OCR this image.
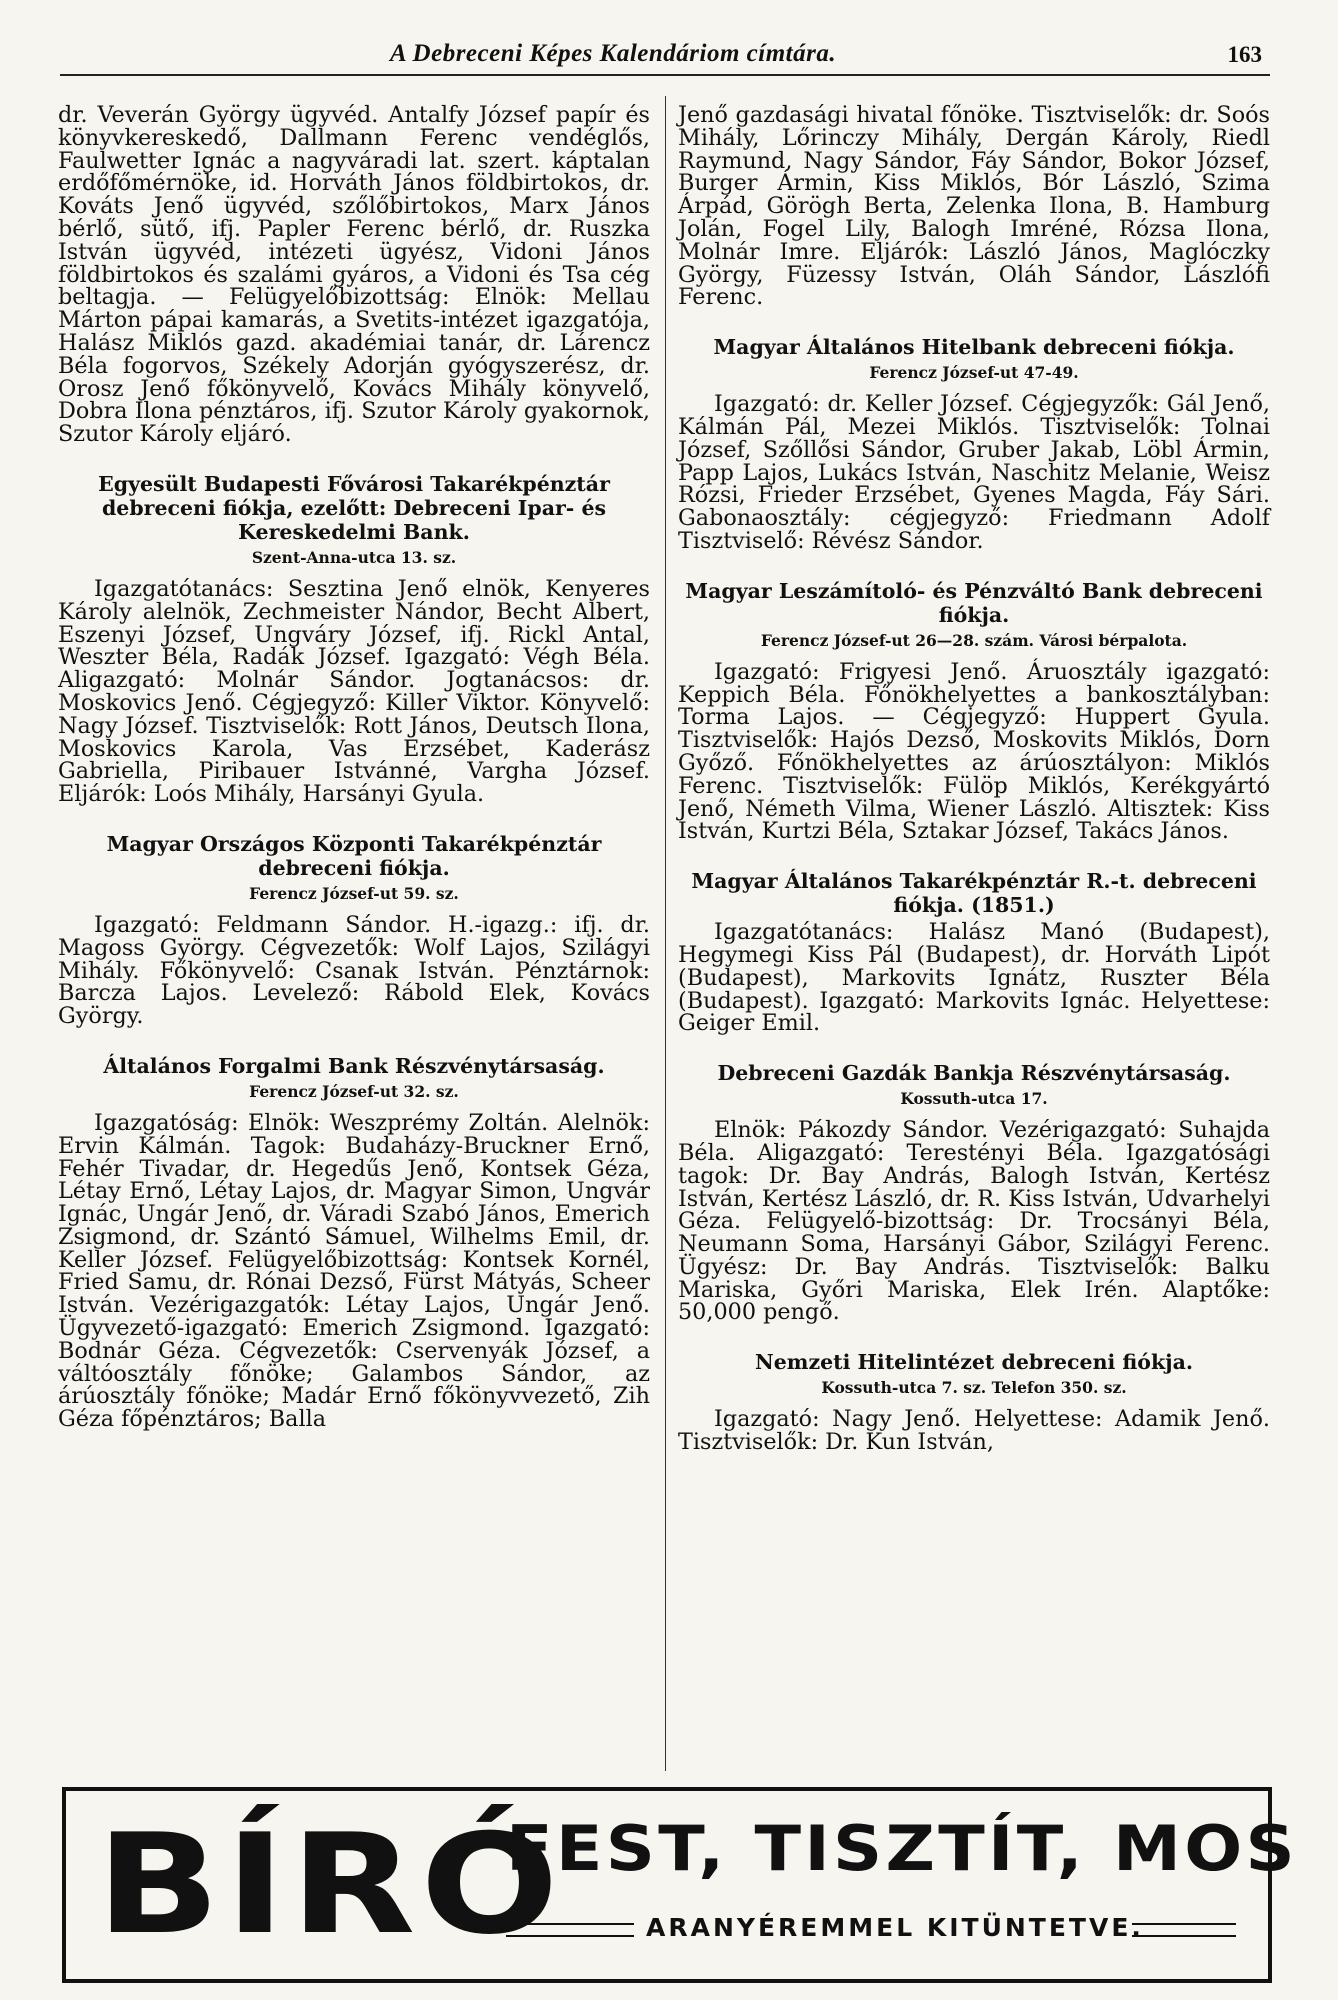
A Debreceni Képes Kalendáriom címtára.	163

dr. Veverán György ügyvéd. Antalfy József papír és könyvkereskedő, Dallmann Ferenc vendéglős, Faulwetter Ignác a nagyváradi lat. szert. káptalan erdőfőmérnöke, id. Horváth János földbirtokos, dr. Kováts Jenő ügyvéd, szőlőbirtokos, Marx János bérlő, sütő, ifj. Papler Ferenc bérlő, dr. Ruszka István ügyvéd, intézeti ügyész, Vidoni János földbirtokos és szalámi gyáros, a Vidoni és Tsa cég beltagja. — Felügyelőbizottság: Elnök: Mellau Márton pápai kamarás, a Svetits-intézet igazgatója, Halász Miklós gazd. akadémiai tanár, dr. Lárencz Béla fogorvos, Székely Adorján gyógyszerész, dr. Orosz Jenő főkönyvelő, Kovács Mihály könyvelő, Dobra Ilona pénztáros, ifj. Szutor Károly gyakornok, Szutor Károly eljáró.

Egyesült Budapesti Fővárosi Takarékpénztár debreceni fiókja, ezelőtt: Debreceni Ipar- és Kereskedelmi Bank.
Szent-Anna-utca 13. sz.

Igazgatótanács: Sesztina Jenő elnök, Kenyeres Károly alelnök, Zechmeister Nándor, Becht Albert, Eszenyi József, Ungváry József, ifj. Rickl Antal, Weszter Béla, Radák József. Igazgató: Végh Béla. Aligazgató: Molnár Sándor. Jogtanácsos: dr. Moskovics Jenő. Cégjegyző: Killer Viktor. Könyvelő: Nagy József. Tisztviselők: Rott János, Deutsch Ilona, Moskovics Karola, Vas Erzsébet, Kaderász Gabriella, Piribauer Istvánné, Vargha József. Eljárók: Loós Mihály, Harsányi Gyula.

Magyar Országos Központi Takarékpénztár debreceni fiókja.
Ferencz József-ut 59. sz.

Igazgató: Feldmann Sándor. H.-igazg.: ifj. dr. Magoss György. Cégvezetők: Wolf Lajos, Szilágyi Mihály. Főkönyvelő: Csanak István. Pénztárnok: Barcza Lajos. Levelező: Rábold Elek, Kovács György.

Általános Forgalmi Bank Részvénytársaság.
Ferencz József-ut 32. sz.

Igazgatóság: Elnök: Weszprémy Zoltán. Alelnök: Ervin Kálmán. Tagok: Budaházy-Bruckner Ernő, Fehér Tivadar, dr. Hegedűs Jenő, Kontsek Géza, Létay Ernő, Létay Lajos, dr. Magyar Simon, Ungvár Ignác, Ungár Jenő, dr. Váradi Szabó János, Emerich Zsigmond, dr. Szántó Sámuel, Wilhelms Emil, dr. Keller József. Felügyelőbizottság: Kontsek Kornél, Fried Samu, dr. Rónai Dezső, Fürst Mátyás, Scheer István. Vezérigazgatók: Létay Lajos, Ungár Jenő. Ügyvezető-igazgató: Emerich Zsigmond. Igazgató: Bodnár Géza. Cégvezetők: Cservenyák József, a váltóosztály főnöke; Galambos Sándor, az árúosztály főnöke; Madár Ernő főkönyvvezető, Zih Géza főpénztáros; Balla

Jenő gazdasági hivatal főnöke. Tisztviselők: dr. Soós Mihály, Lőrinczy Mihály, Dergán Károly, Riedl Raymund, Nagy Sándor, Fáy Sándor, Bokor József, Burger Ármin, Kiss Miklós, Bór László, Szima Árpád, Görögh Berta, Zelenka Ilona, B. Hamburg Jolán, Fogel Lily, Balogh Imréné, Rózsa Ilona, Molnár Imre. Eljárók: László János, Maglóczky György, Füzessy István, Oláh Sándor, Lászlófi Ferenc.

Magyar Általános Hitelbank debreceni fiókja.
Ferencz József-ut 47-49.

Igazgató: dr. Keller József. Cégjegyzők: Gál Jenő, Kálmán Pál, Mezei Miklós. Tisztviselők: Tolnai József, Szőllősi Sándor, Gruber Jakab, Löbl Ármin, Papp Lajos, Lukács István, Naschitz Melanie, Weisz Rózsi, Frieder Erzsébet, Gyenes Magda, Fáy Sári. Gabonaosztály: cégjegyző: Friedmann Adolf Tisztviselő: Révész Sándor.

Magyar Leszámítoló- és Pénzváltó Bank debreceni fiókja.
Ferencz József-ut 26—28. szám. Városi bérpalota.

Igazgató: Frigyesi Jenő. Áruosztály igazgató: Keppich Béla. Főnökhelyettes a bankosztályban: Torma Lajos. — Cégjegyző: Huppert Gyula. Tisztviselők: Hajós Dezső, Moskovits Miklós, Dorn Győző. Főnökhelyettes az árúosztályon: Miklós Ferenc. Tisztviselők: Fülöp Miklós, Kerékgyártó Jenő, Németh Vilma, Wiener László. Altisztek: Kiss István, Kurtzi Béla, Sztakar József, Takács János.

Magyar Általános Takarékpénztár R.-t. debreceni fiókja. (1851.)

Igazgatótanács: Halász Manó (Budapest), Hegymegi Kiss Pál (Budapest), dr. Horváth Lipót (Budapest), Markovits Ignátz, Ruszter Béla (Budapest). Igazgató: Markovits Ignác. Helyettese: Geiger Emil.

Debreceni Gazdák Bankja Részvénytársaság.
Kossuth-utca 17.

Elnök: Pákozdy Sándor. Vezérigazgató: Suhajda Béla. Aligazgató: Terestényi Béla. Igazgatósági tagok: Dr. Bay András, Balogh István, Kertész István, Kertész László, dr. R. Kiss István, Udvarhelyi Géza. Felügyelő-bizottság: Dr. Trocsányi Béla, Neumann Soma, Harsányi Gábor, Szilágyi Ferenc. Ügyész: Dr. Bay András. Tisztviselők: Balku Mariska, Győri Mariska, Elek Irén. Alaptőke: 50,000 pengő.

Nemzeti Hitelintézet debreceni fiókja.
Kossuth-utca 7. sz. Telefon 350. sz.

Igazgató: Nagy Jenő. Helyettese: Adamik Jenő. Tisztviselők: Dr. Kun István,

BÍRÓ
FEST, TISZTÍT, MOS
ARANYÉREMMEL KITÜNTETVE.
